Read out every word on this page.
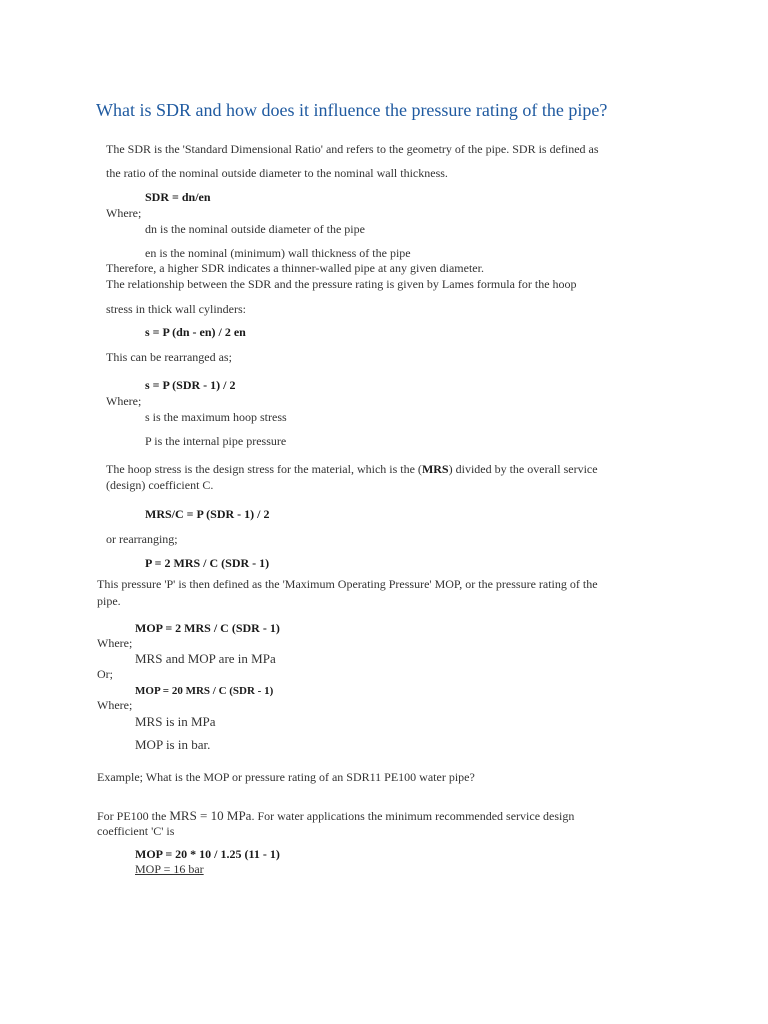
What is SDR and how does it influence the pressure rating of the pipe?
The SDR is the 'Standard Dimensional Ratio' and refers to the geometry of the pipe. SDR is defined as
the ratio of the nominal outside diameter to the nominal wall thickness.
SDR = dn/en
Where;
dn is the nominal outside diameter of the pipe
en is the nominal (minimum) wall thickness of the pipe
Therefore, a higher SDR indicates a thinner-walled pipe at any given diameter.
The relationship between the SDR and the pressure rating is given by Lames formula for the hoop
stress in thick wall cylinders:
s = P (dn - en) / 2 en
This can be rearranged as;
s = P (SDR - 1) / 2
Where;
s is the maximum hoop stress
P is the internal pipe pressure
The hoop stress is the design stress for the material, which is the (MRS) divided by the overall service
(design) coefficient C.
MRS/C = P (SDR - 1) / 2
or rearranging;
P = 2 MRS / C (SDR - 1)
This pressure 'P' is then defined as the 'Maximum Operating Pressure' MOP, or the pressure rating of the
pipe.
MOP = 2 MRS / C (SDR - 1)
Where;
MRS and MOP are in MPa
Or;
MOP = 20 MRS / C (SDR - 1)
Where;
MRS is in MPa
MOP is in bar.
Example; What is the MOP or pressure rating of an SDR11 PE100 water pipe?
For PE100 the MRS = 10 MPa. For water applications the minimum recommended service design
coefficient 'C' is
MOP = 20 * 10 / 1.25 (11 - 1)
MOP = 16 bar
